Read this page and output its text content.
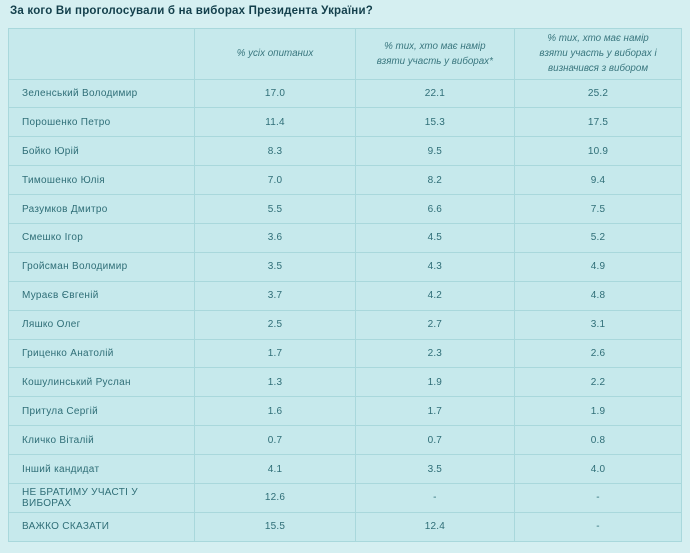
За кого Ви проголосували б на виборах Президента України?
	% усіх опитаних	% тих, хто має намір взяти участь у виборах*	% тих, хто має намір взяти участь у виборах і визначився з вибором
Зеленський Володимир	17.0	22.1	25.2
Порошенко Петро	11.4	15.3	17.5
Бойко Юрій	8.3	9.5	10.9
Тимошенко Юлія	7.0	8.2	9.4
Разумков Дмитро	5.5	6.6	7.5
Смешко Ігор	3.6	4.5	5.2
Гройсман Володимир	3.5	4.3	4.9
Мураєв Євгеній	3.7	4.2	4.8
Ляшко Олег	2.5	2.7	3.1
Гриценко Анатолій	1.7	2.3	2.6
Кошулинський Руслан	1.3	1.9	2.2
Притула Сергій	1.6	1.7	1.9
Кличко Віталій	0.7	0.7	0.8
Інший кандидат	4.1	3.5	4.0
НЕ БРАТИМУ УЧАСТІ У ВИБОРАХ	12.6	-	-
ВАЖКО СКАЗАТИ	15.5	12.4	-
